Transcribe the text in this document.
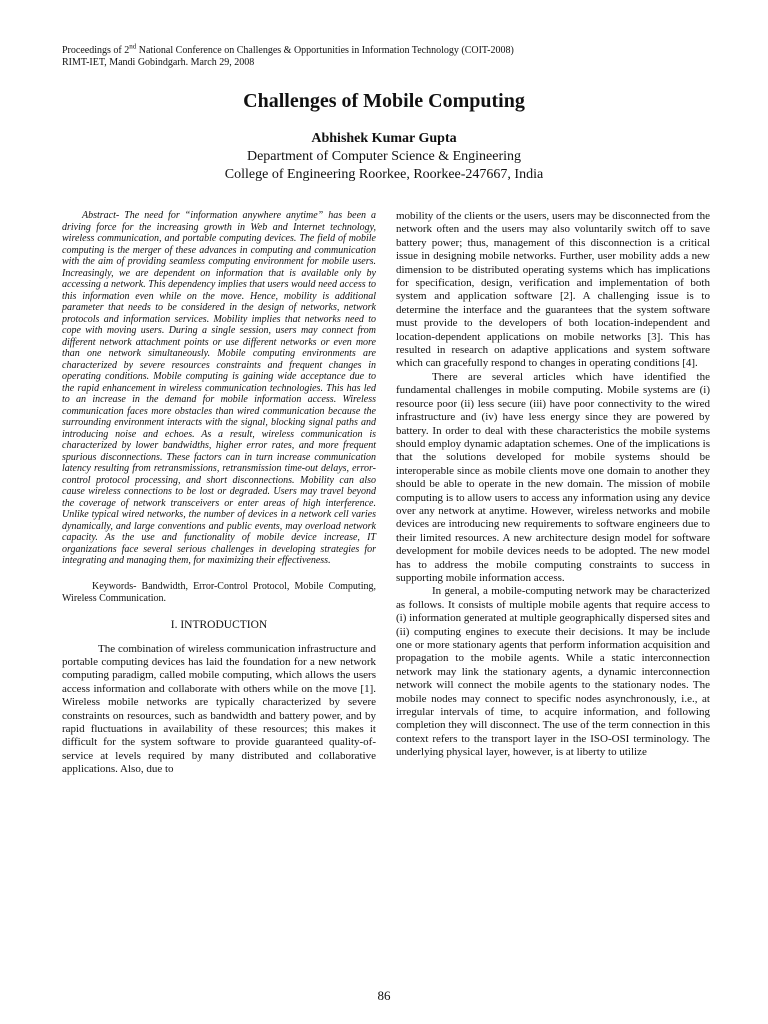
Proceedings of 2nd National Conference on Challenges & Opportunities in Information Technology (COIT-2008)
RIMT-IET, Mandi Gobindgarh. March 29, 2008
Challenges of Mobile Computing
Abhishek Kumar Gupta
Department of Computer Science & Engineering
College of Engineering Roorkee, Roorkee-247667, India

Abstract- The need for “information anywhere anytime” has been a driving force for the increasing growth in Web and Internet technology, wireless communication, and portable computing devices. The field of mobile computing is the merger of these advances in computing and communication with the aim of providing seamless computing environment for mobile users. Increasingly, we are dependent on information that is available only by accessing a network. This dependency implies that users would need access to this information even while on the move. Hence, mobility is additional parameter that needs to be considered in the design of networks, network protocols and information services. Mobility implies that networks need to cope with moving users. During a single session, users may connect from different network attachment points or use different networks or even more than one network simultaneously. Mobile computing environments are characterized by severe resources constraints and frequent changes in operating conditions. Mobile computing is gaining wide acceptance due to the rapid enhancement in wireless communication technologies. This has led to an increase in the demand for mobile information access. Wireless communication faces more obstacles than wired communication because the surrounding environment interacts with the signal, blocking signal paths and introducing noise and echoes. As a result, wireless communication is characterized by lower bandwidths, higher error rates, and more frequent spurious disconnections. These factors can in turn increase communication latency resulting from retransmissions, retransmission time-out delays, error-control protocol processing, and short disconnections. Mobility can also cause wireless connections to be lost or degraded. Users may travel beyond the coverage of network transceivers or enter areas of high interference. Unlike typical wired networks, the number of devices in a network cell varies dynamically, and large conventions and public events, may overload network capacity. As the use and functionality of mobile device increase, IT organizations face several serious challenges in developing strategies for integrating and managing them, for maximizing their effectiveness.

Keywords- Bandwidth, Error-Control Protocol, Mobile Computing, Wireless Communication.

I. INTRODUCTION

The combination of wireless communication infrastructure and portable computing devices has laid the foundation for a new network computing paradigm, called mobile computing, which allows the users access information and collaborate with others while on the move [1]. Wireless mobile networks are typically characterized by severe constraints on resources, such as bandwidth and battery power, and by rapid fluctuations in availability of these resources; this makes it difficult for the system software to provide guaranteed quality-of-service at levels required by many distributed and collaborative applications. Also, due to

mobility of the clients or the users, users may be disconnected from the network often and the users may also voluntarily switch off to save battery power; thus, management of this disconnection is a critical issue in designing mobile networks. Further, user mobility adds a new dimension to be distributed operating systems which has implications for specification, design, verification and implementation of both system and application software [2]. A challenging issue is to determine the interface and the guarantees that the system software must provide to the developers of both location-independent and location-dependent applications on mobile networks [3]. This has resulted in research on adaptive applications and system software which can gracefully respond to changes in operating conditions [4].

There are several articles which have identified the fundamental challenges in mobile computing. Mobile systems are (i) resource poor (ii) less secure (iii) have poor connectivity to the wired infrastructure and (iv) have less energy since they are powered by battery. In order to deal with these characteristics the mobile systems should employ dynamic adaptation schemes. One of the implications is that the solutions developed for mobile systems should be interoperable since as mobile clients move one domain to another they should be able to operate in the new domain. The mission of mobile computing is to allow users to access any information using any device over any network at anytime. However, wireless networks and mobile devices are introducing new requirements to software engineers due to their limited resources. A new architecture design model for software development for mobile devices needs to be adopted. The new model has to address the mobile computing constraints to success in supporting mobile information access.

In general, a mobile-computing network may be characterized as follows. It consists of multiple mobile agents that require access to (i) information generated at multiple geographically dispersed sites and (ii) computing engines to execute their decisions. It may be include one or more stationary agents that perform information acquisition and propagation to the mobile agents. While a static interconnection network may link the stationary agents, a dynamic interconnection network will connect the mobile agents to the stationary nodes. The mobile nodes may connect to specific nodes asynchronously, i.e., at irregular intervals of time, to acquire information, and following completion they will disconnect. The use of the term connection in this context refers to the transport layer in the ISO-OSI terminology. The underlying physical layer, however, is at liberty to utilize

86
